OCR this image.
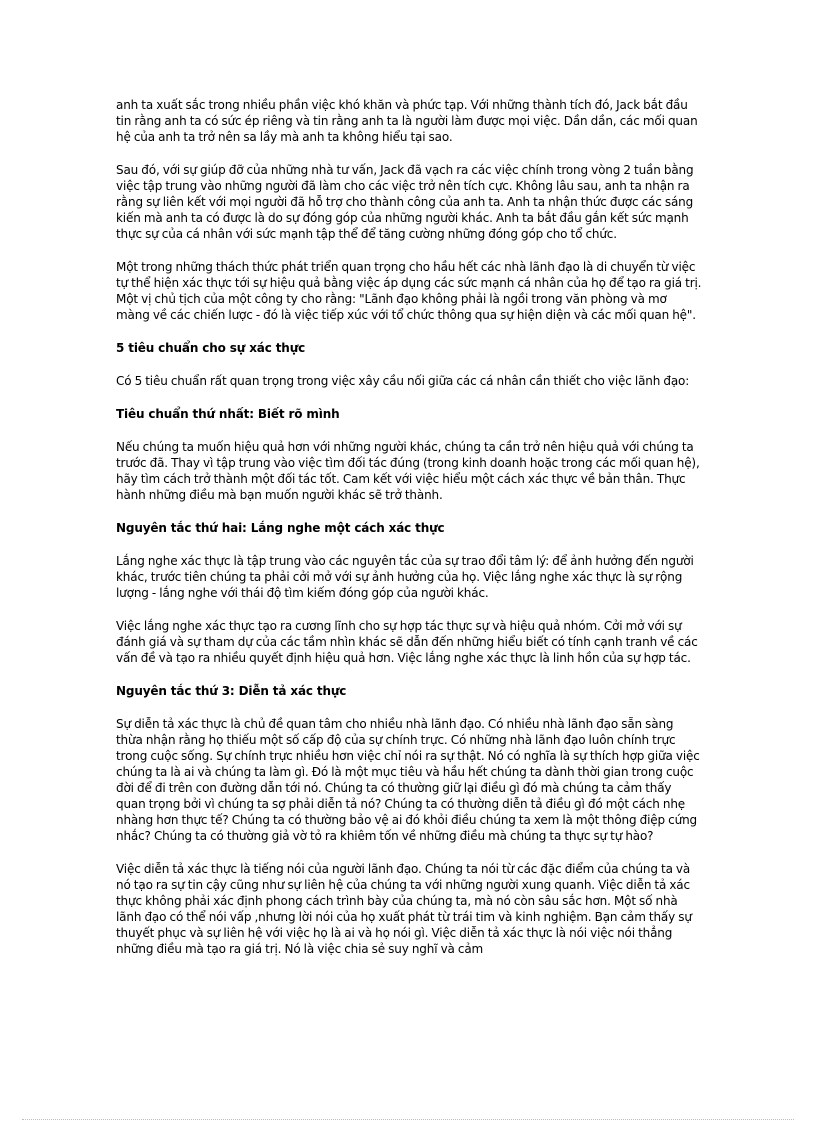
anh ta xuất sắc trong nhiều phần việc khó khăn và phức tạp. Với những thành tích đó, Jack bắt đầu tin rằng anh ta có sức ép riêng và tin rằng anh ta là người làm được mọi việc. Dần dần, các mối quan hệ của anh ta trở nên sa lầy mà anh ta không hiểu tại sao.

Sau đó, với sự giúp đỡ của những nhà tư vấn, Jack đã vạch ra các việc chính trong vòng 2 tuần bằng việc tập trung vào những người đã làm cho các việc trở nên tích cực. Không lâu sau, anh ta nhận ra rằng sự liên kết với mọi người đã hỗ trợ cho thành công của anh ta. Anh ta nhận thức được các sáng kiến mà anh ta có được là do sự đóng góp của những người khác. Anh ta bắt đầu gắn kết sức mạnh thực sự của cá nhân với sức mạnh tập thể để tăng cường những đóng góp cho tổ chức.

Một trong những thách thức phát triển quan trọng cho hầu hết các nhà lãnh đạo là di chuyển từ việc tự thể hiện xác thực tới sự hiệu quả bằng việc áp dụng các sức mạnh cá nhân của họ để tạo ra giá trị. Một vị chủ tịch của một công ty cho rằng: "Lãnh đạo không phải là ngồi trong văn phòng và mơ màng về các chiến lược - đó là việc tiếp xúc với tổ chức thông qua sự hiện diện và các mối quan hệ".

5 tiêu chuẩn cho sự xác thực

Có 5 tiêu chuẩn rất quan trọng trong việc xây cầu nối giữa các cá nhân cần thiết cho việc lãnh đạo:

Tiêu chuẩn thứ nhất: Biết rõ mình

Nếu chúng ta muốn hiệu quả hơn với những người khác, chúng ta cần trở nên hiệu quả với chúng ta trước đã. Thay vì tập trung vào việc tìm đối tác đúng (trong kinh doanh hoặc trong các mối quan hệ), hãy tìm cách trở thành một đối tác tốt. Cam kết với việc hiểu một cách xác thực về bản thân. Thực hành những điều mà bạn muốn người khác sẽ trở thành.

Nguyên tắc thứ hai: Lắng nghe một cách xác thực

Lắng nghe xác thực là tập trung vào các nguyên tắc của sự trao đổi tâm lý: để ảnh hưởng đến người khác, trước tiên chúng ta phải cởi mở với sự ảnh hưởng của họ. Việc lắng nghe xác thực là sự rộng lượng - lắng nghe với thái độ tìm kiếm đóng góp của người khác.

Việc lắng nghe xác thực tạo ra cương lĩnh cho sự hợp tác thực sự và hiệu quả nhóm. Cởi mở với sự đánh giá và sự tham dự của các tầm nhìn khác sẽ dẫn đến những hiểu biết có tính cạnh tranh về các vấn đề và tạo ra nhiều quyết định hiệu quả hơn. Việc lắng nghe xác thực là linh hồn của sự hợp tác.

Nguyên tắc thứ 3: Diễn tả xác thực

Sự diễn tả xác thực là chủ đề quan tâm cho nhiều nhà lãnh đạo. Có nhiều nhà lãnh đạo sẵn sàng thừa nhận rằng họ thiếu một số cấp độ của sự chính trực. Có những nhà lãnh đạo luôn chính trực trong cuộc sống. Sự chính trực nhiều hơn việc chỉ nói ra sự thật. Nó có nghĩa là sự thích hợp giữa việc chúng ta là ai và chúng ta làm gì. Đó là một mục tiêu và hầu hết chúng ta dành thời gian trong cuộc đời để đi trên con đường dẫn tới nó. Chúng ta có thường giữ lại điều gì đó mà chúng ta cảm thấy quan trọng bởi vì chúng ta sợ phải diễn tả nó? Chúng ta có thường diễn tả điều gì đó một cách nhẹ nhàng hơn thực tế? Chúng ta có thường bảo vệ ai đó khỏi điều chúng ta xem là một thông điệp cứng nhắc? Chúng ta có thường giả vờ tỏ ra khiêm tốn về những điều mà chúng ta thực sự tự hào?

Việc diễn tả xác thực là tiếng nói của người lãnh đạo. Chúng ta nói từ các đặc điểm của chúng ta và nó tạo ra sự tin cậy cũng như sự liên hệ của chúng ta với những người xung quanh. Việc diễn tả xác thực không phải xác định phong cách trình bày của chúng ta, mà nó còn sâu sắc hơn. Một số nhà lãnh đạo có thể nói vấp ,nhưng lời nói của họ xuất phát từ trái tim và kinh nghiệm. Bạn cảm thấy sự thuyết phục và sự liên hệ với việc họ là ai và họ nói gì. Việc diễn tả xác thực là nói việc nói thẳng những điều mà tạo ra giá trị. Nó là việc chia sẻ suy nghĩ và cảm
